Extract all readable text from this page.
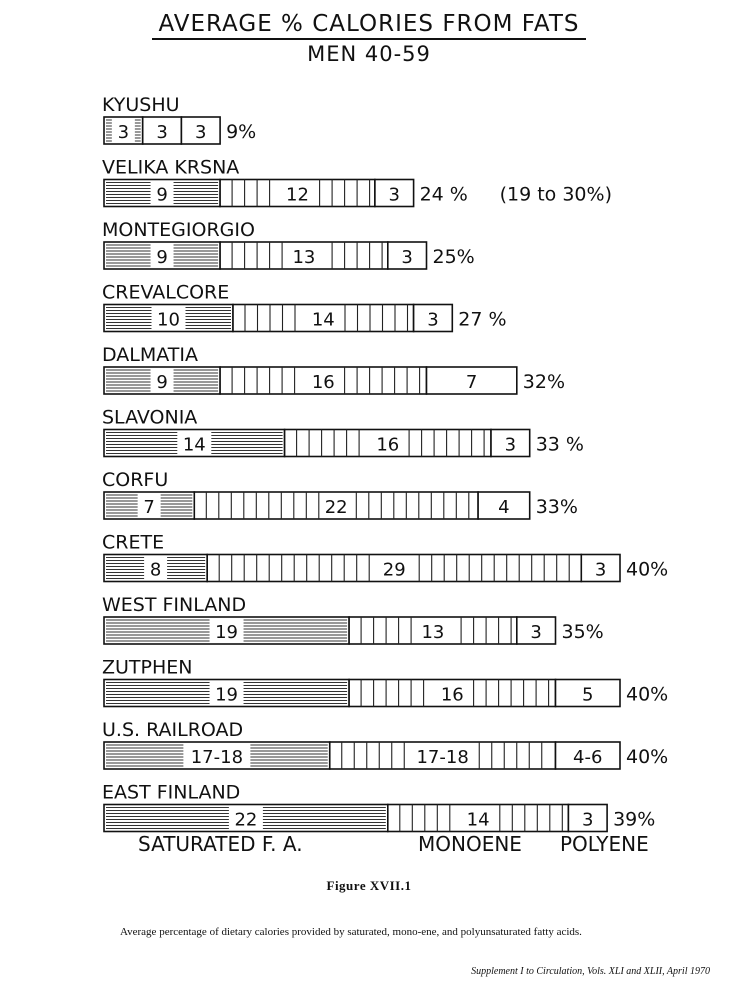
AVERAGE % CALORIES FROM FATS
MEN 40-59
KYUSHU
3 3 3 9%
VELIKA KRSNA
9	12	3 24 % (19 to 30%)
MONTEGIORGIO
9	13	3 25%
CREVALCORE
10	14	3 27 %
DALMATIA
9	16	7 32%
SLAVONIA
14	16	3 33 %
CORFU
7	22	4 33%
CRETE
8	29	3 40%
WEST FINLAND
19	13	3 35%
ZUTPHEN
19	16	5 40%
U.S. RAILROAD
17-18	17-18	4-6 40%
EAST FINLAND
22	14	3 39%
SATURATED F. A.	MONOENE POLYENE
Figure XVII.1
Average percentage of dietary calories provided by saturated, mono-ene, and polyunsaturated fatty acids.
Supplement I to Circulation, Vols. XLI and XLII, April 1970
